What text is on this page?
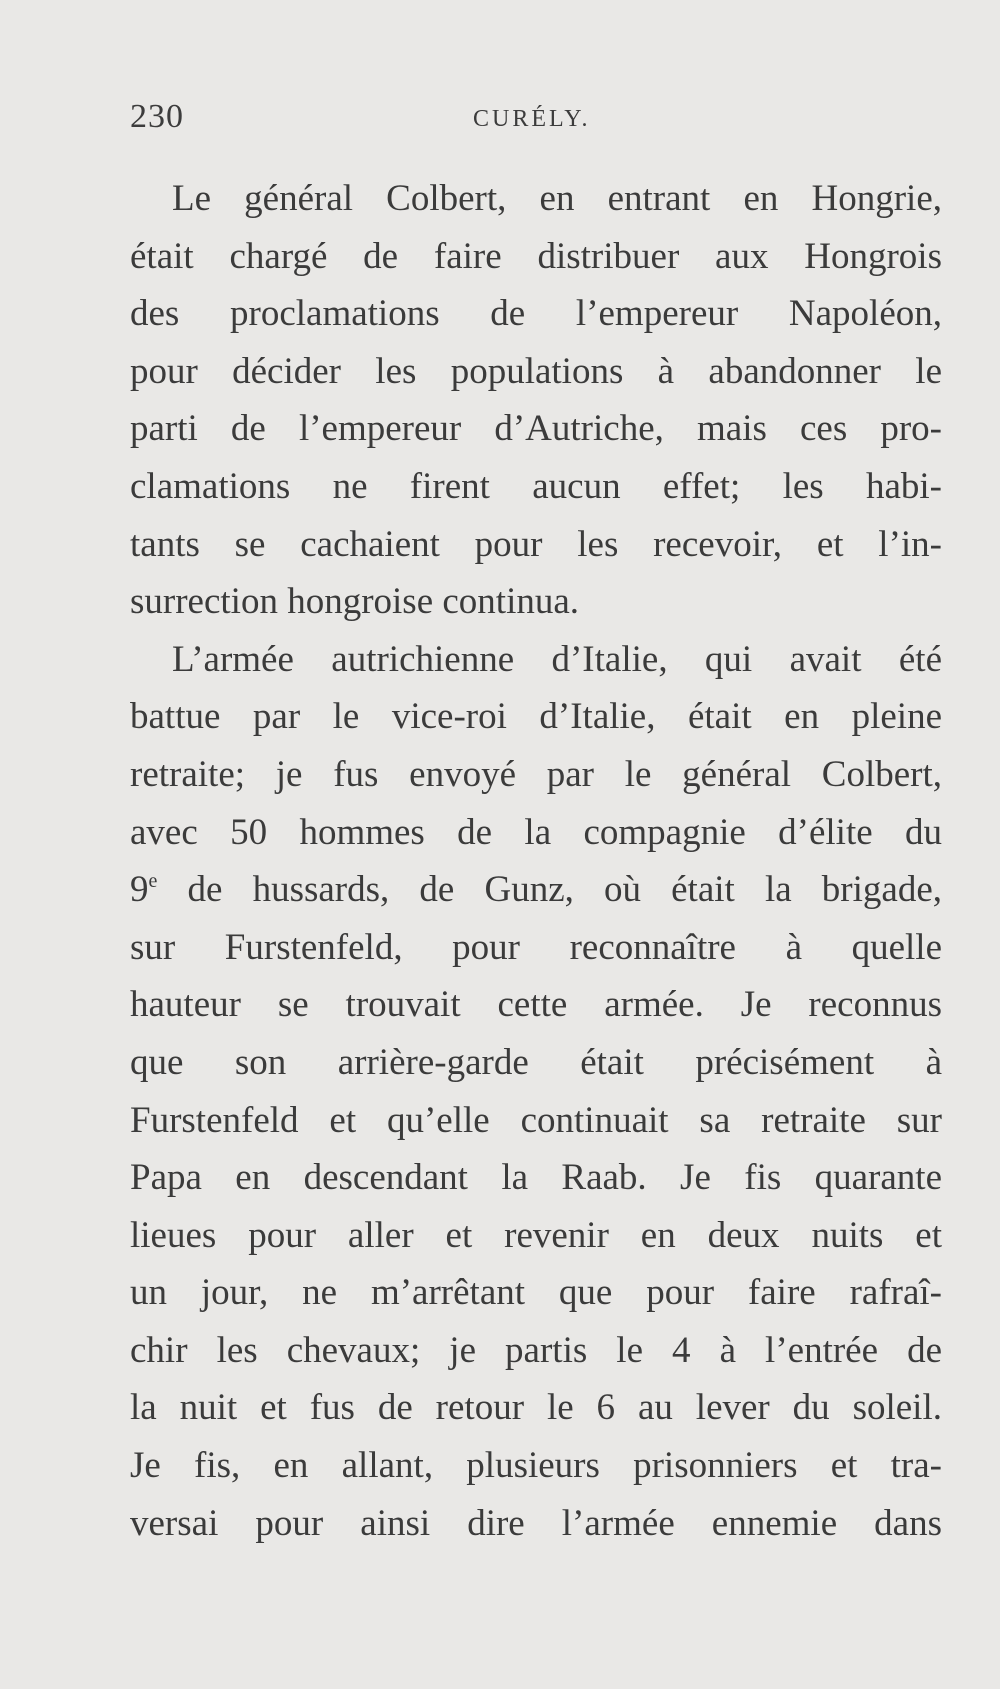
230	CURÉLY.
Le général Colbert, en entrant en Hongrie,
était chargé de faire distribuer aux Hongrois
des proclamations de l’empereur Napoléon,
pour décider les populations à abandonner le
parti de l’empereur d’Autriche, mais ces pro-
clamations ne firent aucun effet; les habi-
tants se cachaient pour les recevoir, et l’in-
surrection hongroise continua.
L’armée autrichienne d’Italie, qui avait été
battue par le vice-roi d’Italie, était en pleine
retraite; je fus envoyé par le général Colbert,
avec 50 hommes de la compagnie d’élite du
9e de hussards, de Gunz, où était la brigade,
sur Furstenfeld, pour reconnaître à quelle
hauteur se trouvait cette armée. Je reconnus
que son arrière-garde était précisément à
Furstenfeld et qu’elle continuait sa retraite sur
Papa en descendant la Raab. Je fis quarante
lieues pour aller et revenir en deux nuits et
un jour, ne m’arrêtant que pour faire rafraî-
chir les chevaux; je partis le 4 à l’entrée de
la nuit et fus de retour le 6 au lever du soleil.
Je fis, en allant, plusieurs prisonniers et tra-
versai pour ainsi dire l’armée ennemie dans
